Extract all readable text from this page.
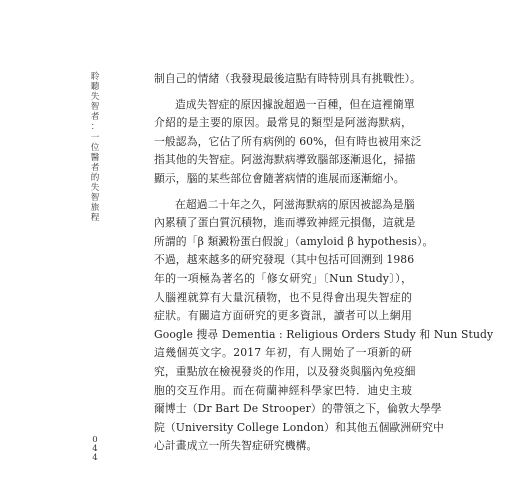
聆
聽
失
智
者
：
一
位
醫
者
的
失
智
旅
程
制自己的情緒（我發現最後這點有時特別具有挑戰性）。
造成失智症的原因據說超過一百種，但在這裡簡單
介紹的是主要的原因。最常見的類型是阿滋海默病，
一般認為，它佔了所有病例的 60%，但有時也被用來泛
指其他的失智症。阿滋海默病導致腦部逐漸退化，掃描
顯示，腦的某些部位會隨著病情的進展而逐漸縮小。
在超過二十年之久，阿滋海默病的原因被認為是腦
內累積了蛋白質沉積物，進而導致神經元損傷，這就是
所謂的「β 類澱粉蛋白假說」（amyloid β hypothesis）。
不過，越來越多的研究發現（其中包括可回溯到 1986
年的一項極為著名的「修女研究」〔Nun Study〕），
人腦裡就算有大量沉積物，也不見得會出現失智症的
症狀。有關這方面研究的更多資訊，讀者可以上網用
Google 搜尋 Dementia : Religious Orders Study 和 Nun Study
這幾個英文字。2017 年初，有人開始了一項新的研
究，重點放在檢視發炎的作用，以及發炎與腦內免疫細
胞的交互作用。而在荷蘭神經科學家巴特．迪史主玻
爾博士（Dr Bart De Strooper）的帶領之下，倫敦大學學
院（University College London）和其他五個歐洲研究中
心計畫成立一所失智症研究機構。
0
4
4
